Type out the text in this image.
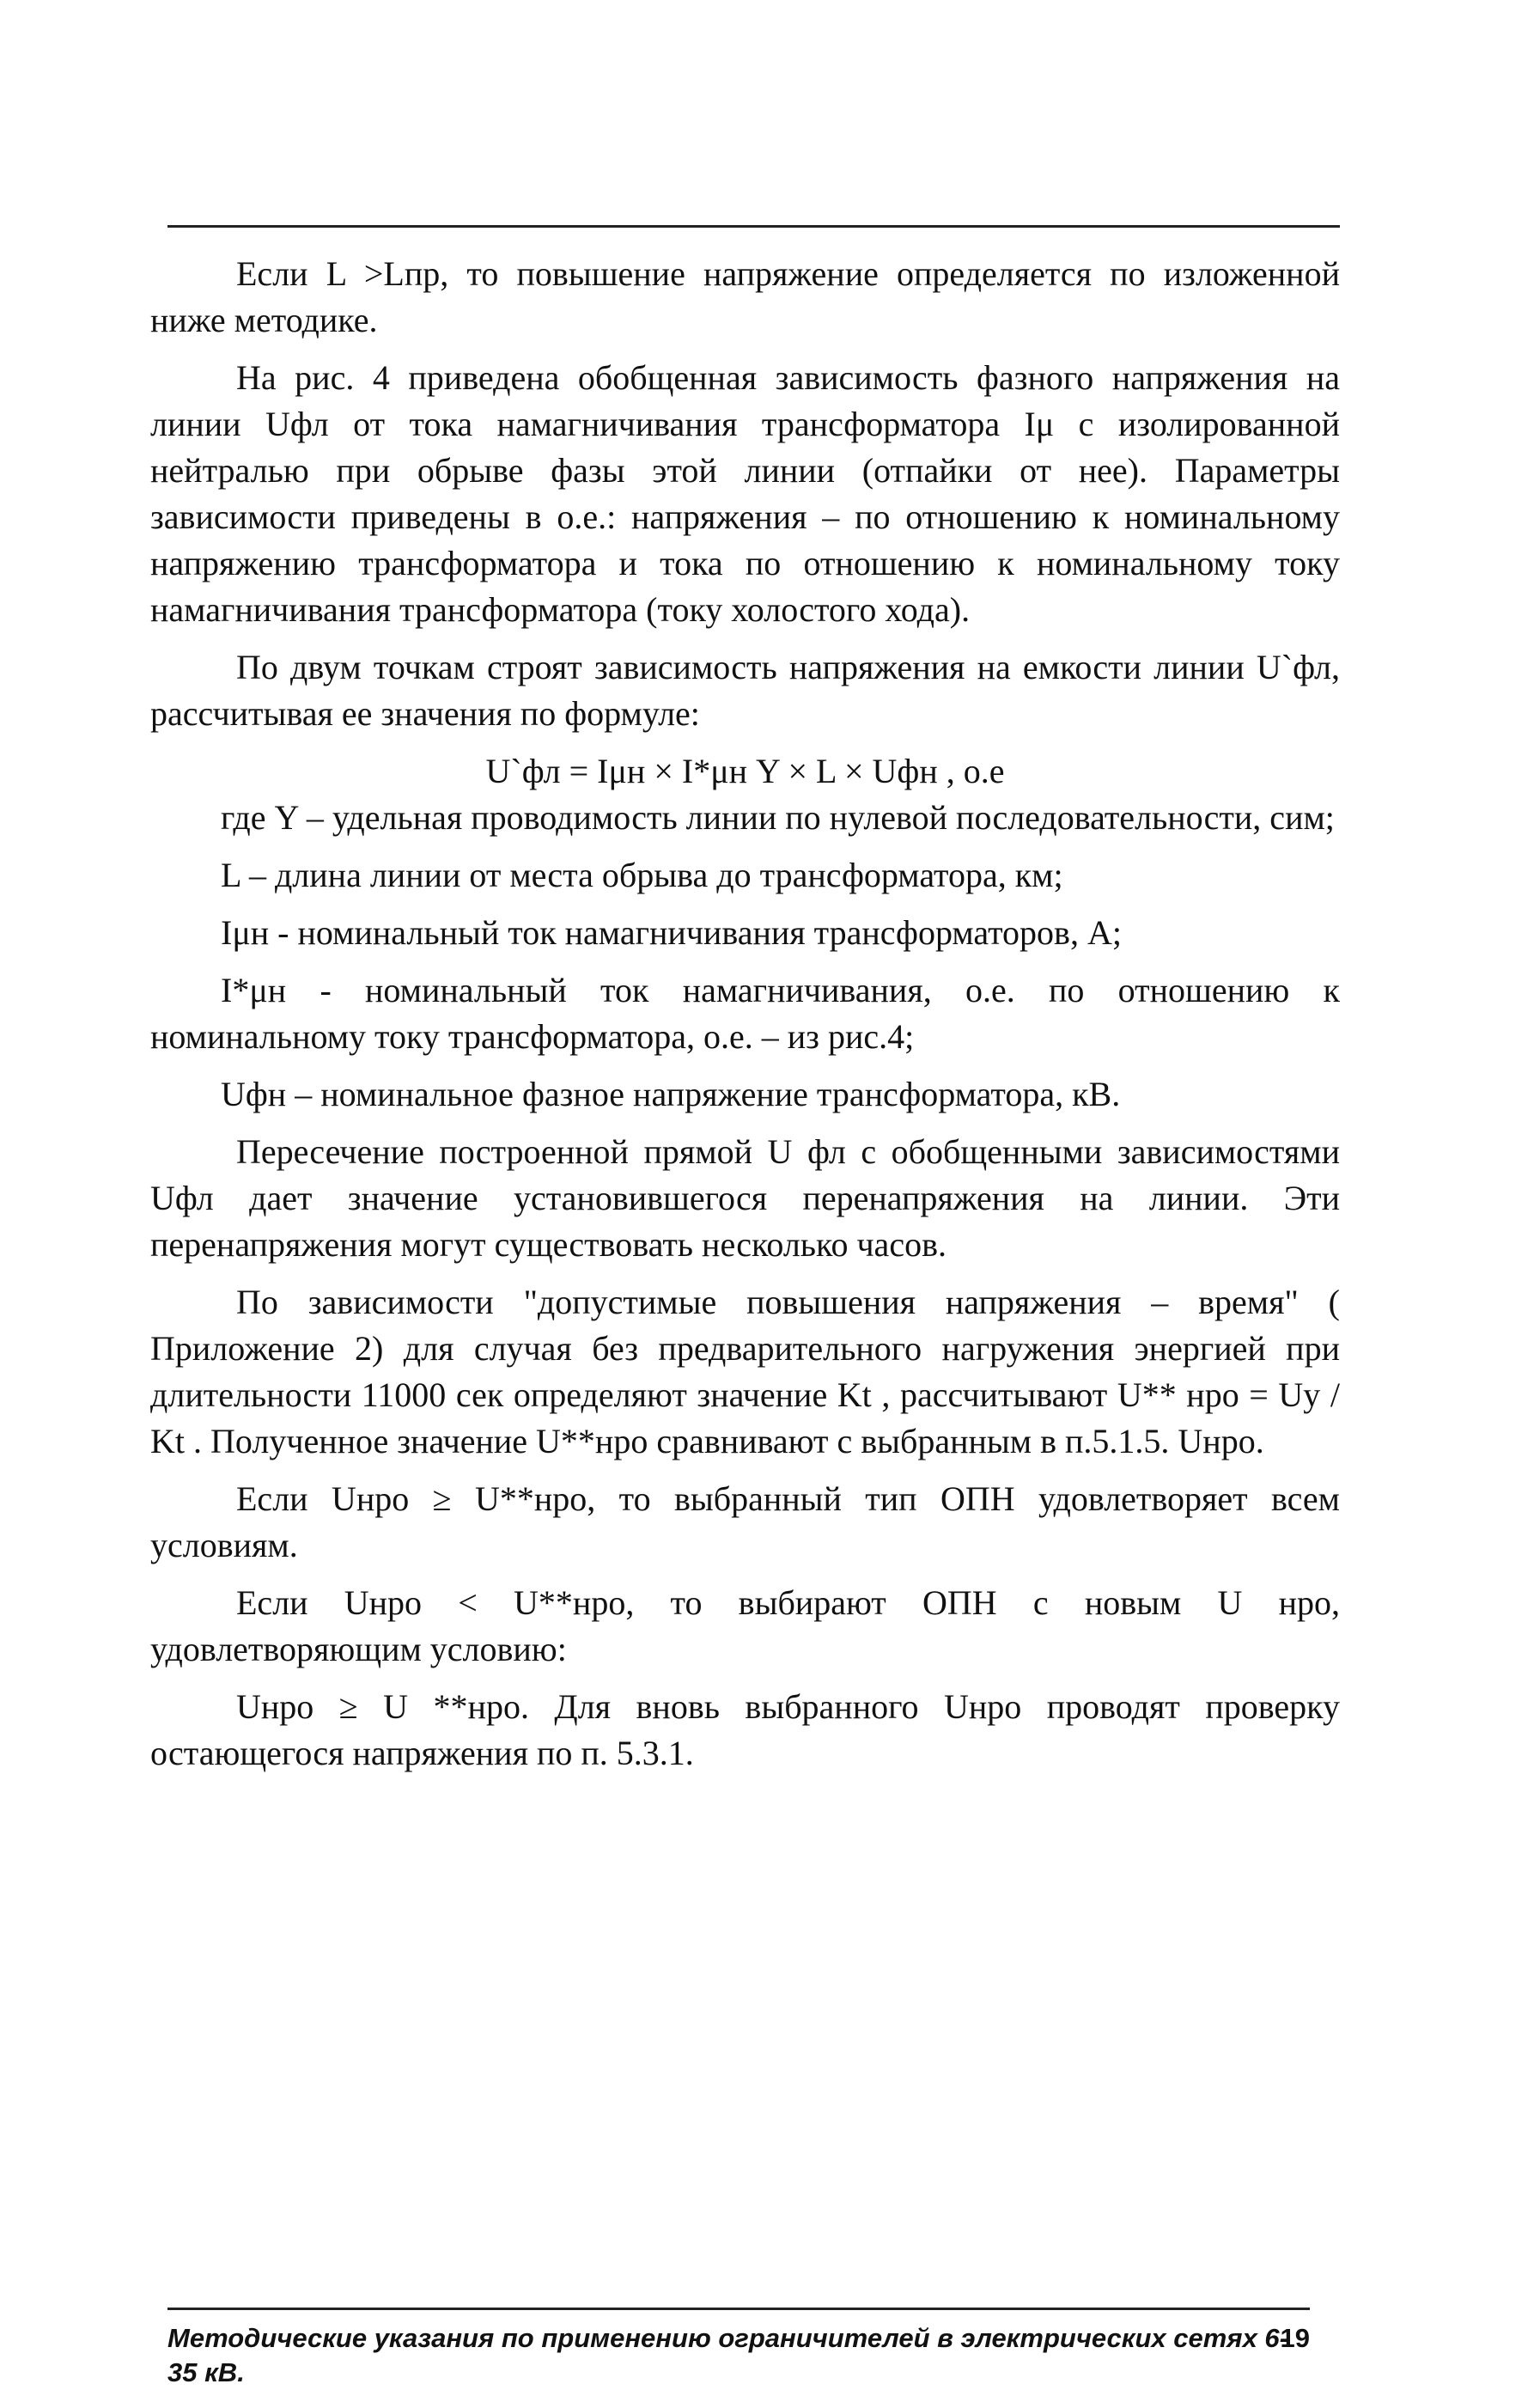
Если L >Lпр, то повышение напряжение определяется по изложенной ниже методике.

На рис. 4 приведена обобщенная зависимость фазного напряжения на линии Uфл от тока намагничивания трансформатора Iμ с изолированной нейтралью при обрыве фазы этой линии (отпайки от нее). Параметры зависимости приведены в о.е.: напряжения – по отношению к номинальному напряжению трансформатора и тока по отношению к номинальному току намагничивания трансформатора (току холостого хода).

По двум точкам строят зависимость напряжения на емкости линии U`фл, рассчитывая ее значения по формуле:

U`фл = Iμн × I*μн Y × L × Uфн , о.е

где Y – удельная проводимость линии по нулевой последовательности, сим;

L – длина линии от места обрыва до трансформатора, км;

Iμн - номинальный ток намагничивания трансформаторов, А;

I*μн - номинальный ток намагничивания, о.е. по отношению к номинальному току трансформатора, о.е. – из рис.4;

Uфн – номинальное фазное напряжение трансформатора, кВ.

Пересечение построенной прямой U фл с обобщенными зависимостями Uфл дает значение установившегося перенапряжения на линии. Эти перенапряжения могут существовать несколько часов.

По зависимости "допустимые повышения напряжения – время" ( Приложение 2) для случая без предварительного нагружения энергией при длительности 11000 сек определяют значение Kt , рассчитывают U** нро = Uy / Kt . Полученное значение U**нро сравнивают с выбранным в п.5.1.5. Uнро.

Если Uнро ≥ U**нро, то выбранный тип ОПН удовлетворяет всем условиям.

Если Uнро < U**нро, то выбирают ОПН с новым U нро, удовлетворяющим условию:

Uнро ≥ U **нро. Для вновь выбранного Uнро проводят проверку остающегося напряжения по п. 5.3.1.

Методические указания по применению ограничителей в электрических сетях 6-35 кВ.
19
